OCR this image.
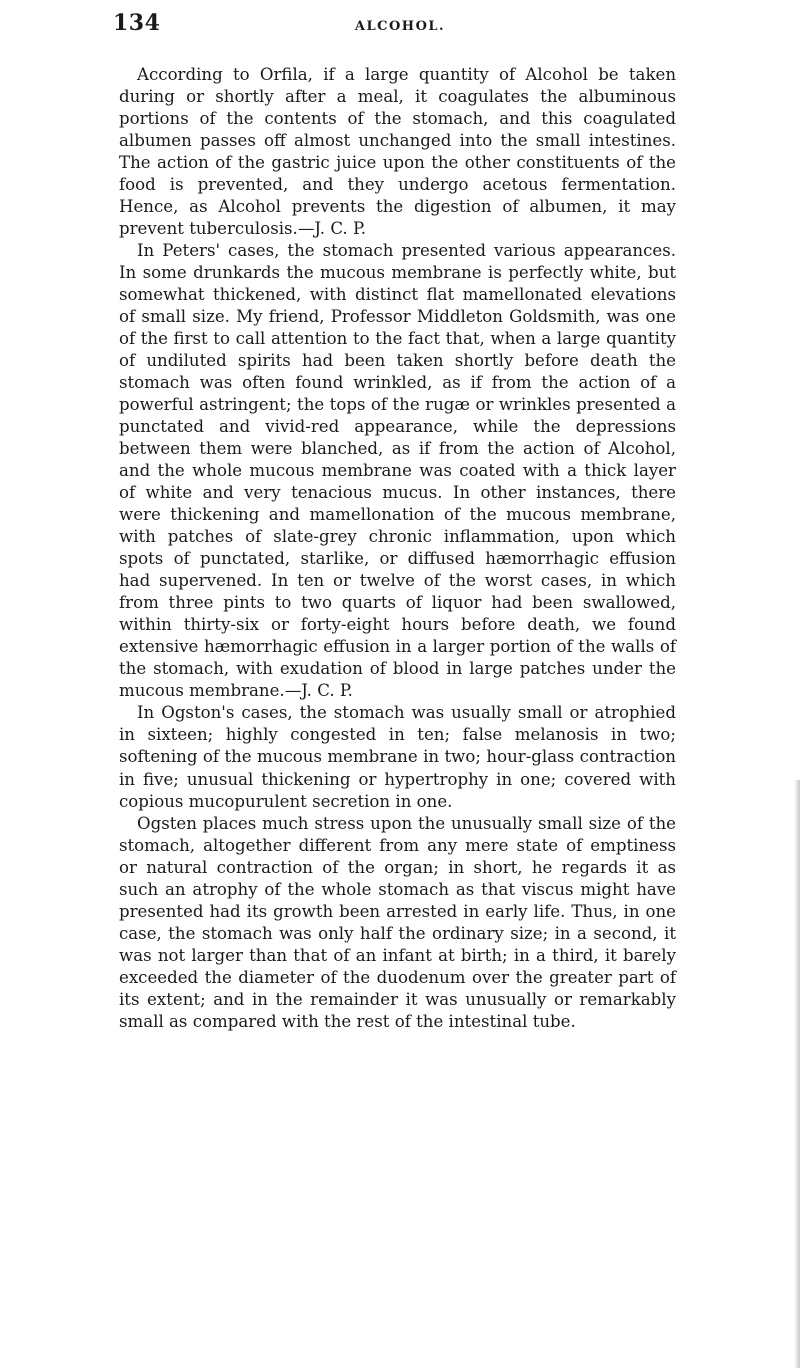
134	ALCOHOL.

According to Orfila, if a large quantity of Alcohol be taken during or shortly after a meal, it coagulates the albuminous portions of the contents of the stomach, and this coagulated albumen passes off almost unchanged into the small intestines. The action of the gastric juice upon the other constituents of the food is prevented, and they undergo acetous fermentation. Hence, as Alcohol prevents the digestion of albumen, it may prevent tuberculosis.—J. C. P.

In Peters' cases, the stomach presented various appearances. In some drunkards the mucous membrane is perfectly white, but somewhat thickened, with distinct flat mamellonated elevations of small size. My friend, Professor Middleton Goldsmith, was one of the first to call attention to the fact that, when a large quantity of undiluted spirits had been taken shortly before death the stomach was often found wrinkled, as if from the action of a powerful astringent; the tops of the rugæ or wrinkles presented a punctated and vivid-red appearance, while the depressions between them were blanched, as if from the action of Alcohol, and the whole mucous membrane was coated with a thick layer of white and very tenacious mucus. In other instances, there were thickening and mamellonation of the mucous membrane, with patches of slate-grey chronic inflammation, upon which spots of punctated, starlike, or diffused hæmorrhagic effusion had supervened. In ten or twelve of the worst cases, in which from three pints to two quarts of liquor had been swallowed, within thirty-six or forty-eight hours before death, we found extensive hæmorrhagic effusion in a larger portion of the walls of the stomach, with exudation of blood in large patches under the mucous membrane.—J. C. P.

In Ogston's cases, the stomach was usually small or atrophied in sixteen; highly congested in ten; false melanosis in two; softening of the mucous membrane in two; hour-glass contraction in five; unusual thickening or hypertrophy in one; covered with copious mucopurulent secretion in one.

Ogsten places much stress upon the unusually small size of the stomach, altogether different from any mere state of emptiness or natural contraction of the organ; in short, he regards it as such an atrophy of the whole stomach as that viscus might have presented had its growth been arrested in early life. Thus, in one case, the stomach was only half the ordinary size; in a second, it was not larger than that of an infant at birth; in a third, it barely exceeded the diameter of the duodenum over the greater part of its extent; and in the remainder it was unusually or remarkably small as compared with the rest of the intestinal tube.
